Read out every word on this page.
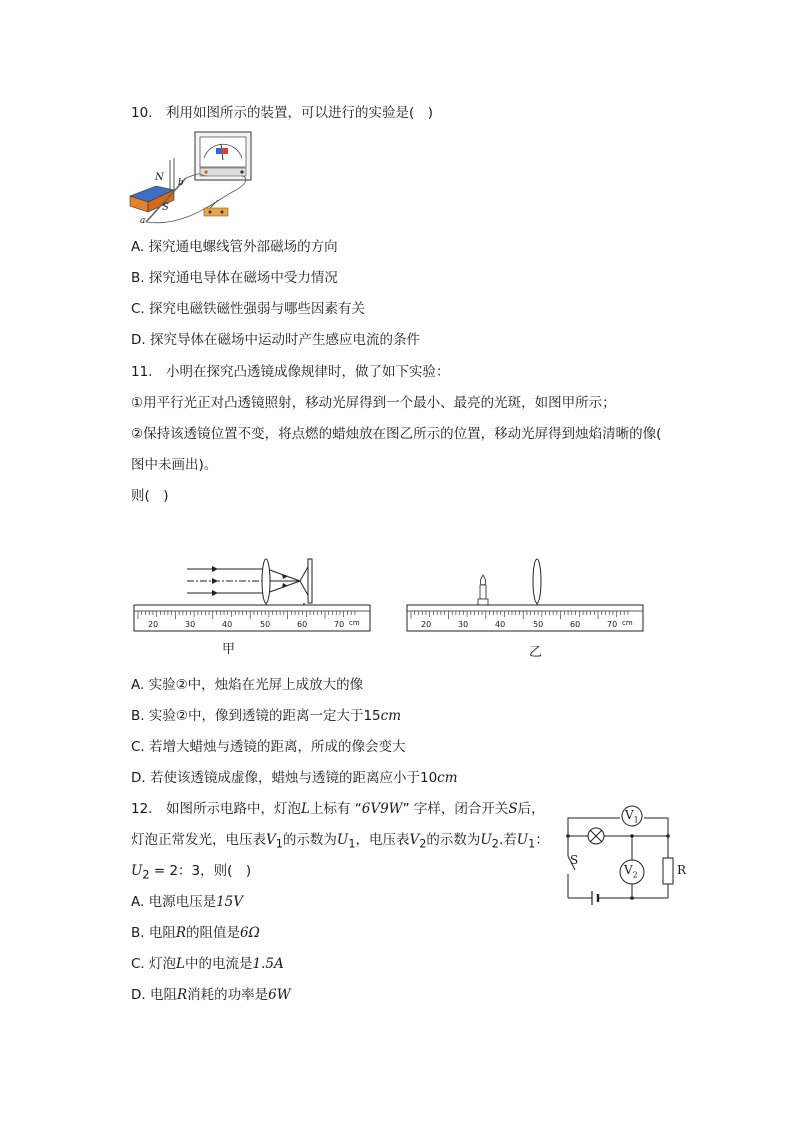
10.　利用如图所示的装置，可以进行的实验是(　)
N
S
a
b
A. 探究通电螺线管外部磁场的方向
B. 探究通电导体在磁场中受力情况
C. 探究电磁铁磁性强弱与哪些因素有关
D. 探究导体在磁场中运动时产生感应电流的条件
11.　小明在探究凸透镜成像规律时，做了如下实验：
①用平行光正对凸透镜照射，移动光屏得到一个最小、最亮的光斑，如图甲所示；
②保持该透镜位置不变，将点燃的蜡烛放在图乙所示的位置，移动光屏得到烛焰清晰的像(
图中未画出)。
则(　)
20	30	40	50	60	70 cm
甲
20	30	40	50	60	70 cm
乙
A. 实验②中，烛焰在光屏上成放大的像
B. 实验②中，像到透镜的距离一定大于15cm
C. 若增大蜡烛与透镜的距离，所成的像会变大
D. 若使该透镜成虚像，蜡烛与透镜的距离应小于10cm
12.　如图所示电路中，灯泡L上标有 “6V9W” 字样，闭合开关S后，
灯泡正常发光，电压表$V_1$的示数为$U_1$，电压表$V_2$的示数为$U_2$.若$U_1$：
$U_2 = 2$：3，则(　)
$V_1$
$V_2$
S
R
A. 电源电压是15V
B. 电阻R的阻值是6Ω
C. 灯泡L中的电流是1.5A
D. 电阻R消耗的功率是6W
